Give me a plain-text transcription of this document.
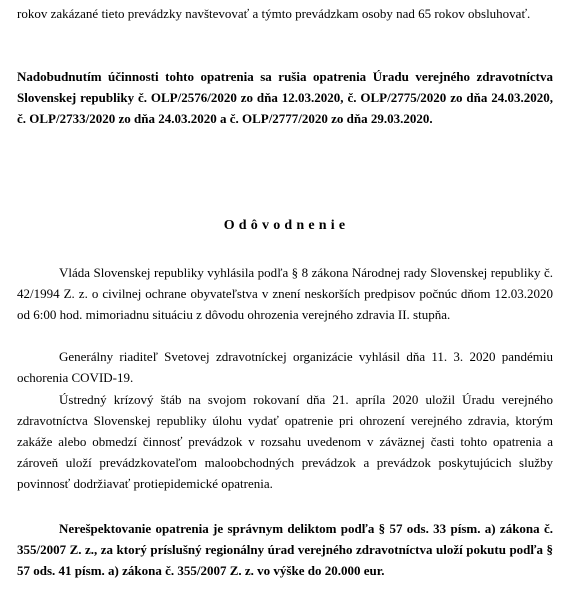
rokov zakázané tieto prevádzky navštevovať a týmto prevádzkam osoby nad 65 rokov obsluhovať.

Nadobudnutím účinnosti tohto opatrenia sa rušia opatrenia Úradu verejného zdravotníctva Slovenskej republiky č. OLP/2576/2020 zo dňa 12.03.2020, č. OLP/2775/2020 zo dňa 24.03.2020, č. OLP/2733/2020 zo dňa 24.03.2020 a č. OLP/2777/2020 zo dňa 29.03.2020.

Odôvodnenie

Vláda Slovenskej republiky vyhlásila podľa § 8 zákona Národnej rady Slovenskej republiky č. 42/1994 Z. z. o civilnej ochrane obyvateľstva v znení neskorších predpisov počnúc dňom 12.03.2020 od 6:00 hod. mimoriadnu situáciu z dôvodu ohrozenia verejného zdravia II. stupňa.

Generálny riaditeľ Svetovej zdravotníckej organizácie vyhlásil dňa 11. 3. 2020 pandémiu ochorenia COVID-19.

Ústredný krízový štáb na svojom rokovaní dňa 21. apríla 2020 uložil Úradu verejného zdravotníctva Slovenskej republiky úlohu vydať opatrenie pri ohrození verejného zdravia, ktorým zakáže alebo obmedzí činnosť prevádzok v rozsahu uvedenom v záväznej časti tohto opatrenia a zároveň uloží prevádzkovateľom maloobchodných prevádzok a prevádzok poskytujúcich služby povinnosť dodržiavať protiepidemické opatrenia.

Nerešpektovanie opatrenia je správnym deliktom podľa § 57 ods. 33 písm. a) zákona č. 355/2007 Z. z., za ktorý príslušný regionálny úrad verejného zdravotníctva uloží pokutu podľa § 57 ods. 41 písm. a) zákona č. 355/2007 Z. z. vo výške do 20.000 eur.
